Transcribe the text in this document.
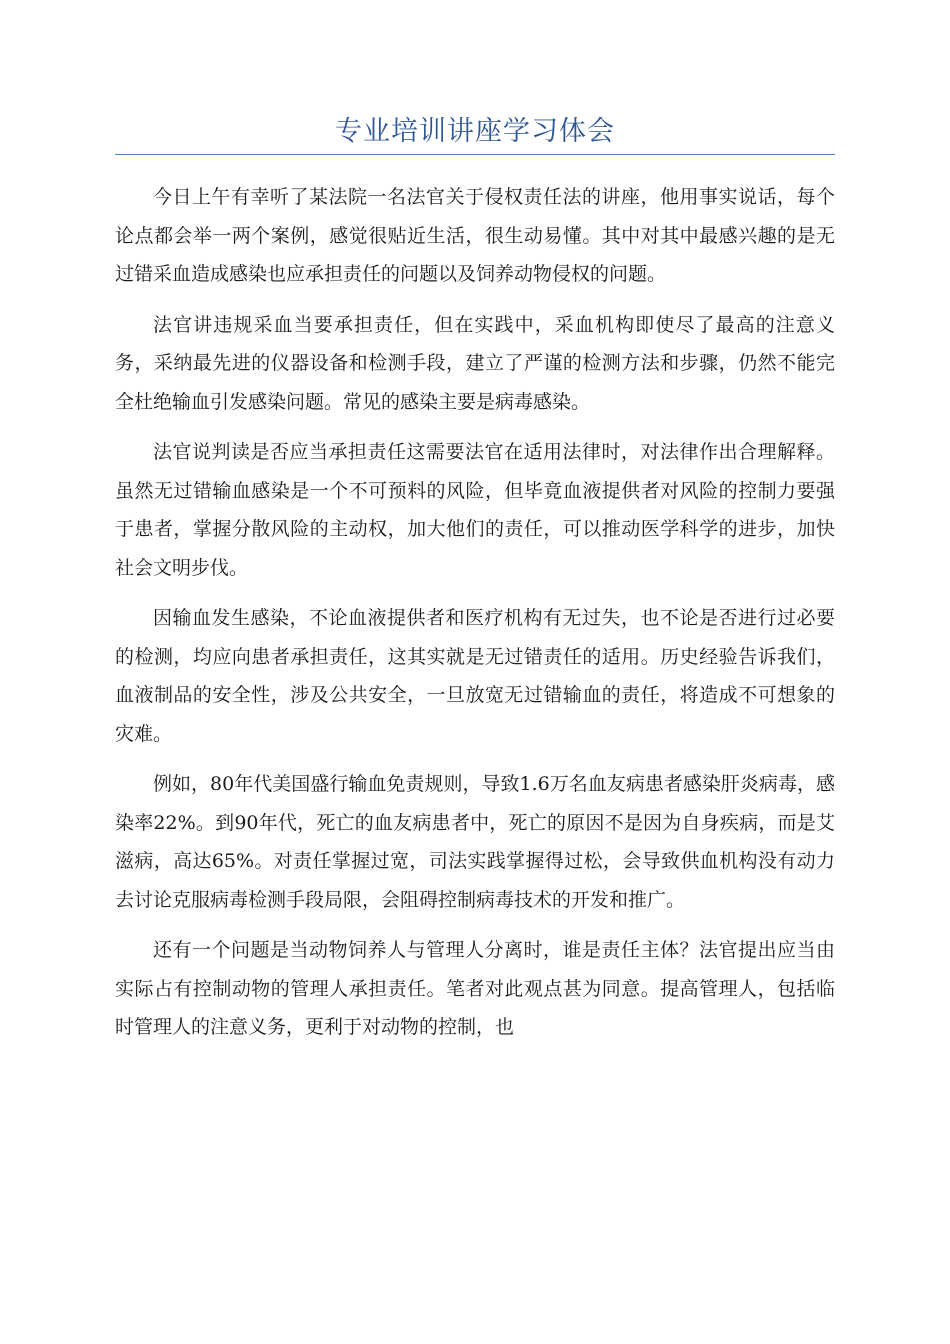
专业培训讲座学习体会

今日上午有幸听了某法院一名法官关于侵权责任法的讲座，他用事实说话，每个论点都会举一两个案例，感觉很贴近生活，很生动易懂。其中对其中最感兴趣的是无过错采血造成感染也应承担责任的问题以及饲养动物侵权的问题。

法官讲违规采血当要承担责任，但在实践中，采血机构即使尽了最高的注意义务，采纳最先进的仪器设备和检测手段，建立了严谨的检测方法和步骤，仍然不能完全杜绝输血引发感染问题。常见的感染主要是病毒感染。

法官说判读是否应当承担责任这需要法官在适用法律时，对法律作出合理解释。虽然无过错输血感染是一个不可预料的风险，但毕竟血液提供者对风险的控制力要强于患者，掌握分散风险的主动权，加大他们的责任，可以推动医学科学的进步，加快社会文明步伐。

因输血发生感染，不论血液提供者和医疗机构有无过失，也不论是否进行过必要的检测，均应向患者承担责任，这其实就是无过错责任的适用。历史经验告诉我们，血液制品的安全性，涉及公共安全，一旦放宽无过错输血的责任，将造成不可想象的灾难。

例如，80年代美国盛行输血免责规则，导致1.6万名血友病患者感染肝炎病毒，感染率22%。到90年代，死亡的血友病患者中，死亡的原因不是因为自身疾病，而是艾滋病，高达65%。对责任掌握过宽，司法实践掌握得过松，会导致供血机构没有动力去讨论克服病毒检测手段局限，会阻碍控制病毒技术的开发和推广。

还有一个问题是当动物饲养人与管理人分离时，谁是责任主体？法官提出应当由实际占有控制动物的管理人承担责任。笔者对此观点甚为同意。提高管理人，包括临时管理人的注意义务，更利于对动物的控制，也
